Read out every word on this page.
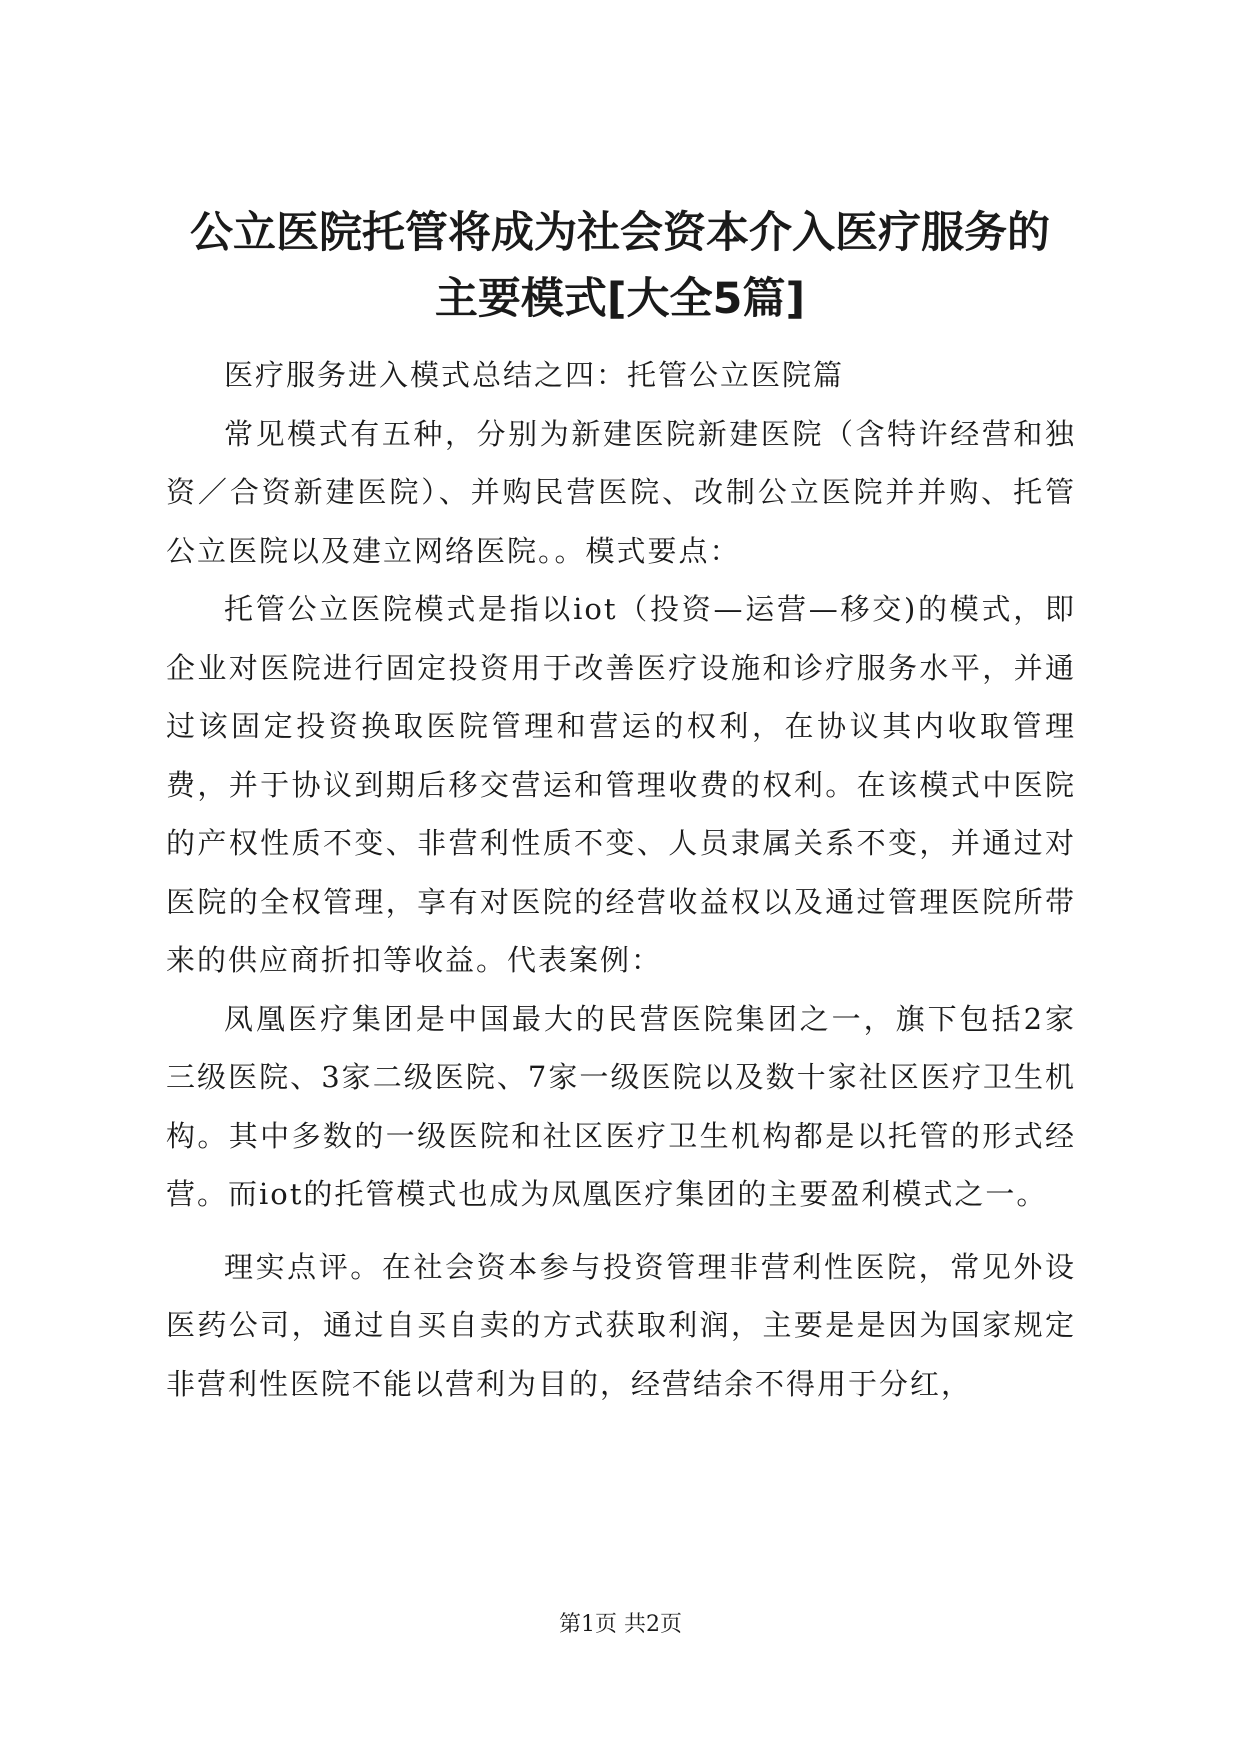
公立医院托管将成为社会资本介入医疗服务的
主要模式[大全5篇]

医疗服务进入模式总结之四：托管公立医院篇

常见模式有五种，分别为新建医院新建医院（含特许经营和独资／合资新建医院）、并购民营医院、改制公立医院并并购、托管公立医院以及建立网络医院。。模式要点：

托管公立医院模式是指以iot（投资—运营—移交)的模式，即企业对医院进行固定投资用于改善医疗设施和诊疗服务水平，并通过该固定投资换取医院管理和营运的权利，在协议其内收取管理费，并于协议到期后移交营运和管理收费的权利。在该模式中医院的产权性质不变、非营利性质不变、人员隶属关系不变，并通过对医院的全权管理，享有对医院的经营收益权以及通过管理医院所带来的供应商折扣等收益。代表案例：

凤凰医疗集团是中国最大的民营医院集团之一，旗下包括2家三级医院、3家二级医院、7家一级医院以及数十家社区医疗卫生机构。其中多数的一级医院和社区医疗卫生机构都是以托管的形式经营。而iot的托管模式也成为凤凰医疗集团的主要盈利模式之一。

理实点评。在社会资本参与投资管理非营利性医院，常见外设医药公司，通过自买自卖的方式获取利润，主要是是因为国家规定非营利性医院不能以营利为目的，经营结余不得用于分红，

第1页 共2页
